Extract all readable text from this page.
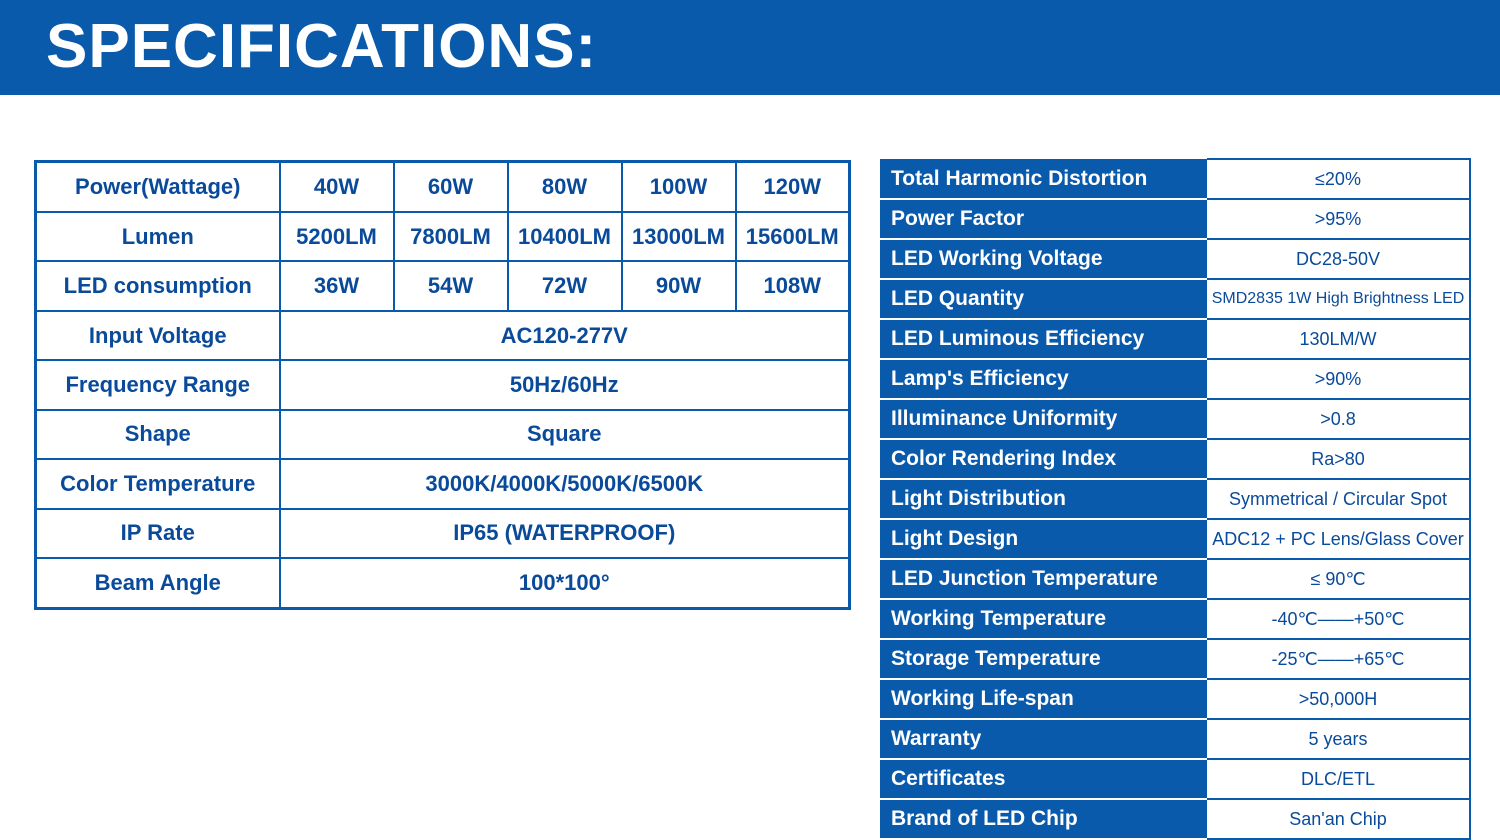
SPECIFICATIONS:
Power(Wattage)	40W	60W	80W	100W	120W
Lumen	5200LM	7800LM	10400LM	13000LM	15600LM
LED consumption	36W	54W	72W	90W	108W
Input Voltage	AC120-277V				
Frequency Range	50Hz/60Hz				
Shape	Square				
Color Temperature	3000K/4000K/5000K/6500K				
IP Rate	IP65 (WATERPROOF)				
Beam Angle	100*100°				
Total Harmonic Distortion	≤20%
Power Factor	>95%
LED Working Voltage	DC28-50V
LED Quantity	SMD2835 1W High Brightness LED
LED Luminous Efficiency	130LM/W
Lamp's Efficiency	>90%
Illuminance Uniformity	>0.8
Color Rendering Index	Ra>80
Light Distribution	Symmetrical / Circular Spot
Light Design	ADC12 + PC Lens/Glass Cover
LED Junction Temperature	≤ 90℃
Working Temperature	-40℃——+50℃
Storage Temperature	-25℃——+65℃
Working Life-span	>50,000H
Warranty	5 years
Certificates	DLC/ETL
Brand of LED Chip	San'an Chip
